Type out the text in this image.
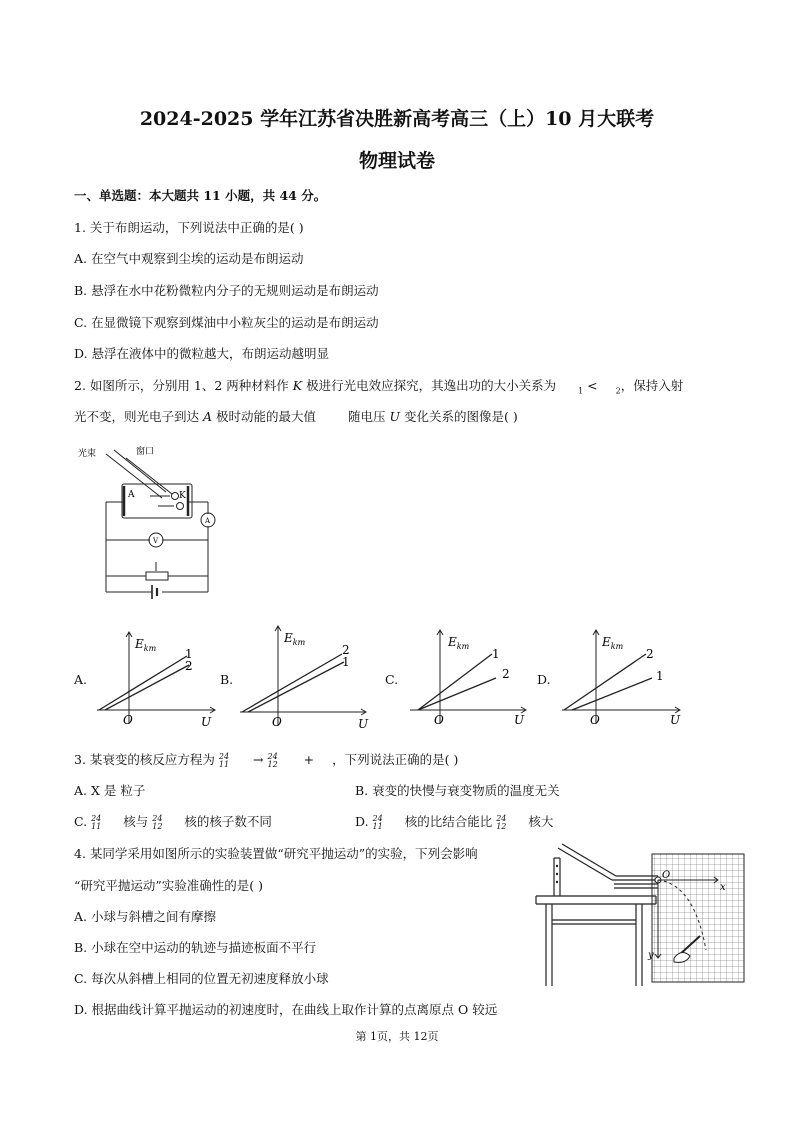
2024-2025 学年江苏省决胜新高考高三（上）10 月大联考
物理试卷
一、单选题：本大题共 11 小题，共 44 分。
1. 关于布朗运动，下列说法中正确的是( )
A. 在空气中观察到尘埃的运动是布朗运动
B. 悬浮在水中花粉微粒内分子的无规则运动是布朗运动
C. 在显微镜下观察到煤油中小粒灰尘的运动是布朗运动
D. 悬浮在液体中的微粒越大，布朗运动越明显
2. 如图所示，分别用 1、2 两种材料作 K 极进行光电效应探究，其逸出功的大小关系为	$_1$ < $_2$，保持入射
光不变，则光电子到达 A 极时动能的最大值	随电压 U 变化关系的图像是( )
光束	窗口
A	K
A
V
A.
$E_{km}$ 1
2
O	U
B.
$E_{km}$
2
1
O	U
C.
$E_{km}$
1
2
O	U
D.
$E_{km}$
2
1
O	U
3. 某衰变的核反应方程为 24
11 → 24
12 + ，下列说法正确的是( )
A. X 是 粒子	B. 衰变的快慢与衰变物质的温度无关
C. 24
11 核与 24
12 核的核子数不同	D. 24
11 核的比结合能比 24
12 核大
4. 某同学采用如图所示的实验装置做“研究平抛运动”的实验，下列会影响
“研究平抛运动”实验准确性的是( )
A. 小球与斜槽之间有摩擦
B. 小球在空中运动的轨迹与描迹板面不平行
C. 每次从斜槽上相同的位置无初速度释放小球
D. 根据曲线计算平抛运动的初速度时，在曲线上取作计算的点离原点 O 较远
O
x
y
第 1页，共 12页
